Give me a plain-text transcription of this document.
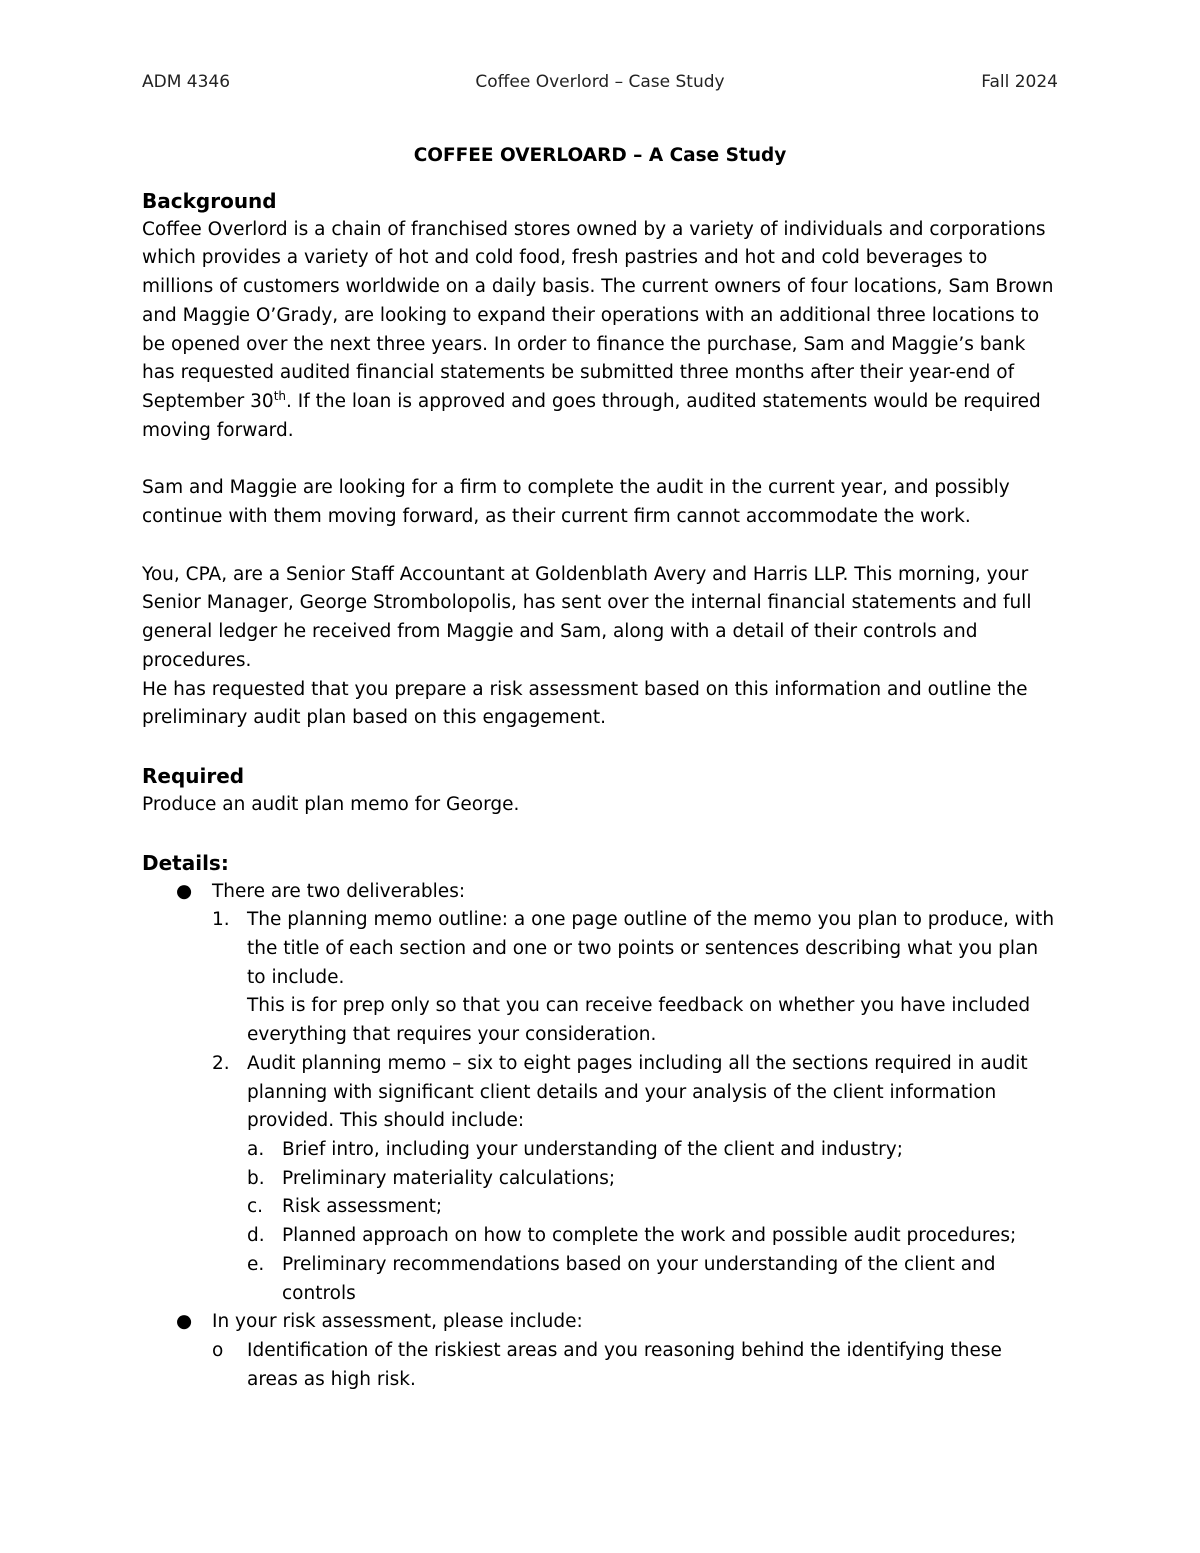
ADM 4346	Coffee Overlord – Case Study	Fall 2024

COFFEE OVERLOARD – A Case Study

Background

Coffee Overlord is a chain of franchised stores owned by a variety of individuals and corporations which provides a variety of hot and cold food, fresh pastries and hot and cold beverages to millions of customers worldwide on a daily basis. The current owners of four locations, Sam Brown and Maggie O’Grady, are looking to expand their operations with an additional three locations to be opened over the next three years. In order to finance the purchase, Sam and Maggie’s bank has requested audited financial statements be submitted three months after their year-end of September 30th. If the loan is approved and goes through, audited statements would be required moving forward.

Sam and Maggie are looking for a firm to complete the audit in the current year, and possibly continue with them moving forward, as their current firm cannot accommodate the work.

You, CPA, are a Senior Staff Accountant at Goldenblath Avery and Harris LLP. This morning, your Senior Manager, George Strombolopolis, has sent over the internal financial statements and full general ledger he received from Maggie and Sam, along with a detail of their controls and procedures.

He has requested that you prepare a risk assessment based on this information and outline the preliminary audit plan based on this engagement.

Required

Produce an audit plan memo for George.

Details:
● There are two deliverables:
1. The planning memo outline: a one page outline of the memo you plan to produce, with the title of each section and one or two points or sentences describing what you plan to include.
This is for prep only so that you can receive feedback on whether you have included everything that requires your consideration.
2. Audit planning memo – six to eight pages including all the sections required in audit planning with significant client details and your analysis of the client information provided. This should include:
a. Brief intro, including your understanding of the client and industry;
b. Preliminary materiality calculations;
c. Risk assessment;
d. Planned approach on how to complete the work and possible audit procedures;
e. Preliminary recommendations based on your understanding of the client and controls
● In your risk assessment, please include:
o Identification of the riskiest areas and you reasoning behind the identifying these areas as high risk.
